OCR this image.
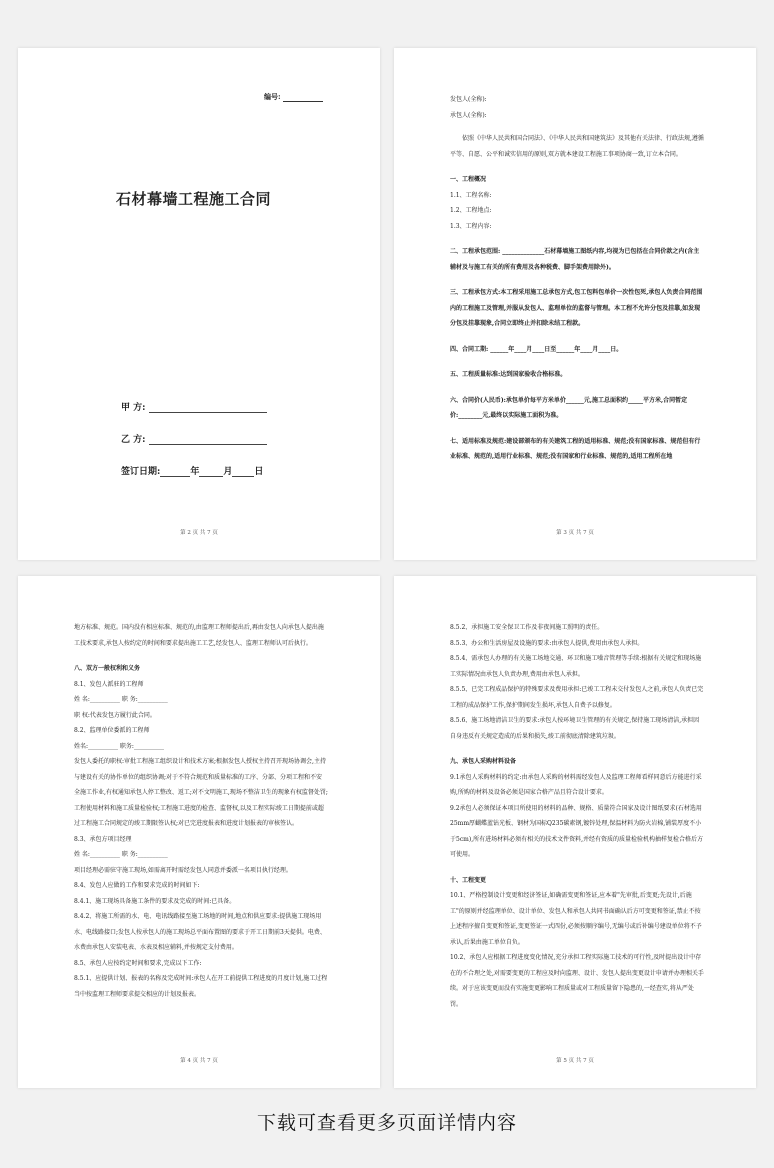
编号:
石材幕墙工程施工合同
甲 方:
乙 方:
签订日期:	年	月 日
第 2 页 共 7 页

发包人(全称):

承包人(全称):

依照《中华人民共和国合同法》、《中华人民共和国建筑法》及其他有关法律、行政法规,遵循平等、自愿、公平和诚实信用的原则,双方就本建设工程施工事项协商一致,订立本合同。

一、工程概况

1.1、工程名称:

1.2、工程地点:

1.3、工程内容:

二、工程承包范围: ______________石材幕墙施工图纸内容,均视为已包括在合同价款之内(含主辅材及与施工有关的所有费用及各种税费、脚手架费用除外)。

三、工程承包方式:本工程采用施工总承包方式,包工包料包单价一次性包死,承包人负责合同范围内的工程施工及管理,并服从发包人、监理单位的监督与管理。本工程不允许分包及挂靠,如发现分包及挂靠现象,合同立即终止并扣除未结工程款。

四、合同工期: ______年____月____日至______年____月____日。

五、工程质量标准:达到国家验收合格标准。

六、合同价(人民币):承包单价每平方米单价______元,施工总面积约_____平方米,合同暂定价:________元,最终以实际施工面积为准。

七、适用标准及规范:建设部颁布的有关建筑工程的适用标准、规范;没有国家标准、规范但有行业标准、规范的,适用行业标准、规范;没有国家和行业标准、规范的,适用工程所在地

第 3 页 共 7 页

地方标准、规范。国内没有相应标准、规范的,由监理工程师提出后,再由发包人向承包人提出施工技术要求,承包人按约定的时间和要求提出施工工艺,经发包人、监理工程师认可后执行。

八、双方一般权利和义务

8.1、发包人派驻的工程师

姓 名:__________ 职 务:__________

职 权:代表发包方履行此合同。

8.2、监理单位委派的工程师

姓名:__________ 职务:__________

发包人委托的职权:审批工程施工组织设计和技术方案;根据发包人授权主持召开现场协调会,主持与建设有关的协作单位的组织协调;对于不符合规范和质量标准的工序、分部、分项工程和不安全施工作业,有权通知承包人停工整改、返工;对不文明施工,现场不整洁卫生的现象有权监督处罚;工程使用材料和施工质量检验权;工程施工进度的检查、监督权,以及工程实际竣工日期提前或超过工程施工合同规定的竣工期限签认权;对已完进度报表和进度计划报表的审核签认。

8.3、承包方项目经理

姓 名:__________ 职 务:__________

项目经理必需驻守施工现场,如需离开时需经发包人同意并委派一名项目执行经理。

8.4、发包人应做的工作和要求完成的时间如下:

8.4.1、施工现场具备施工条件的要求及完成的时间:已具备。

8.4.2、将施工所需的水、电、电讯线路接至施工场地的时间,地点和供应要求:提供施工现场用水、电线路接口;发包人按承包人的施工现场总平面布置图的要求于开工日期前3天提供。电费、水费由承包人安装电表、水表及相应辅料,并按规定支付费用。

8.5、承包人应按约定时间和要求,完成以下工作:

8.5.1、应提供计划、报表的名称及完成时间:承包人在开工前提供工程进度的月度计划,施工过程当中按监理工程师要求提交相应的计划及报表。

第 4 页 共 7 页

8.5.2、承担施工安全保卫工作及非夜间施工照明的责任。

8.5.3、办公和生活房屋及设施的要求:由承包人提供,费用由承包人承担。

8.5.4、需承包人办理的有关施工场地交通、环卫和施工噪音管理等手续:根据有关规定和现场施工实际情况由承包人负责办理,费用由承包人承担。

8.5.5、已完工程成品保护的特殊要求及费用承担:已竣工工程未交付发包人之前,承包人负责已完工程的成品保护工作,保护期间发生损坏,承包人自费予以修复。

8.5.6、施工场地清洁卫生的要求:承包人按环境卫生管理的有关规定,保持施工现场清洁,承担因自身违反有关规定造成的后果和损失,竣工前彻底清除建筑垃圾。

九、承包人采购材料设备

9.1承包人采购材料的约定:由承包人采购的材料需经发包人及监理工程师看样同意后方能进行采购,所购的材料及设备必须是国家合格产品且符合设计要求。

9.2承包人必须保证本项目所使用的材料的品种、规格、质量符合国家及设计图纸要求(石材选用25mm厚蝴蝶蓝钻光板、钢材为国标Q235碳素钢,镀锌处理,保温材料为防火岩棉,铺装厚度不小于5cm),所有进场材料必须有相关的技术文件资料,并经有资质的质量检验机构抽样复检合格后方可使用。

十、工程变更

10.1、严格控制设计变更和经济签证,如确需变更和签证,应本着"先审批,后变更;先设计,后施工"的原则并经监理单位、设计单位、发包人和承包人共同书面确认后方可变更和签证,禁止不按上述程序擅自变更和签证,变更签证一式四份,必须按顺序编号,无编号或后补编号建设单位将不予承认,后果由施工单位自负。

10.2、承包人应根据工程进度变化情况,充分承担工程实际施工技术的可行性,及时提出设计中存在的不合理之处,对需要变更的工程应及时向监理、设计、发包人提出变更设计申请并办理相关手续。对于应该变更而没有实施变更影响工程质量或对工程质量留下隐患的,一经查实,将从严处罚。

第 5 页 共 7 页
下载可查看更多页面详情内容
